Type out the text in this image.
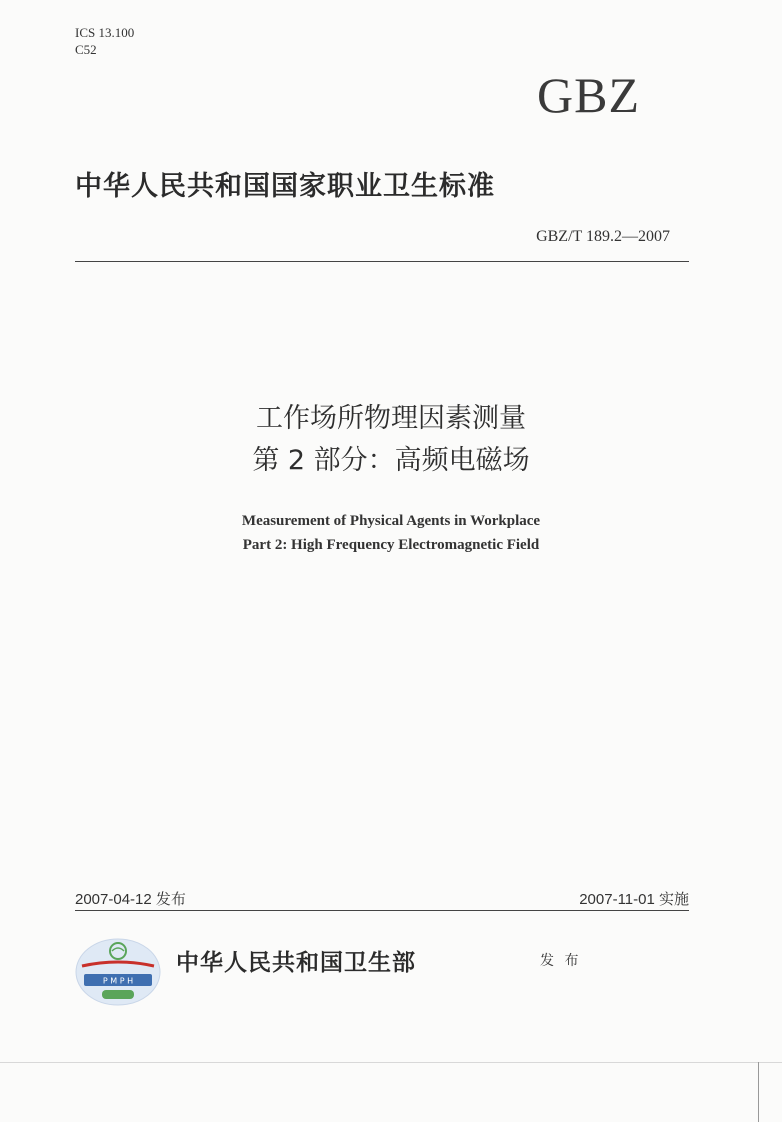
ICS 13.100
C52
GBZ
中华人民共和国国家职业卫生标准
GBZ/T 189.2—2007
工作场所物理因素测量
第 2 部分：高频电磁场
Measurement of Physical Agents in Workplace
Part 2: High Frequency Electromagnetic Field
2007-04-12 发布	2007-11-01 实施
P M P H
中华人民共和国卫生部	发 布
